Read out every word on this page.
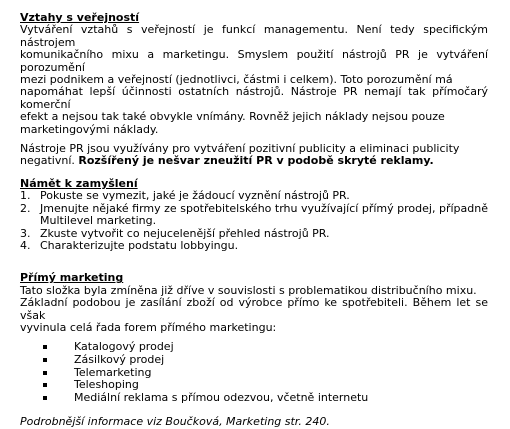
Vztahy s veřejností

Vytváření vztahů s veřejností je funkcí managementu. Není tedy specifickým nástrojem

komunikačního mixu a marketingu. Smyslem použití nástrojů PR je vytváření porozumění

mezi podnikem a veřejností (jednotlivci, částmi i celkem). Toto porozumění má

napomáhat lepší účinnosti ostatních nástrojů. Nástroje PR nemají tak přímočarý komerční

efekt a nejsou tak také obvykle vnímány. Rovněž jejich náklady nejsou pouze

marketingovými náklady.

Nástroje PR jsou využívány pro vytváření pozitivní publicity a eliminaci publicity

negativní. Rozšířený je nešvar zneužití PR v podobě skryté reklamy.

Námět k zamyšlení

1. Pokuste se vymezit, jaké je žádoucí vyznění nástrojů PR.
2. Jmenujte nějaké firmy ze spotřebitelského trhu využívající přímý prodej, případně Multilevel marketing.
3. Zkuste vytvořit co nejucelenější přehled nástrojů PR.
4. Charakterizujte podstatu lobbyingu.

Přímý marketing

Tato složka byla zmíněna již dříve v souvislosti s problematikou distribučního mixu.

Základní podobou je zasílání zboží od výrobce přímo ke spotřebiteli. Během let se však

vyvinula celá řada forem přímého marketingu:

Katalogový prodej
Zásilkový prodej
Telemarketing
Teleshoping
Mediální reklama s přímou odezvou, včetně internetu

Podrobnější informace viz Boučková, Marketing str. 240.
